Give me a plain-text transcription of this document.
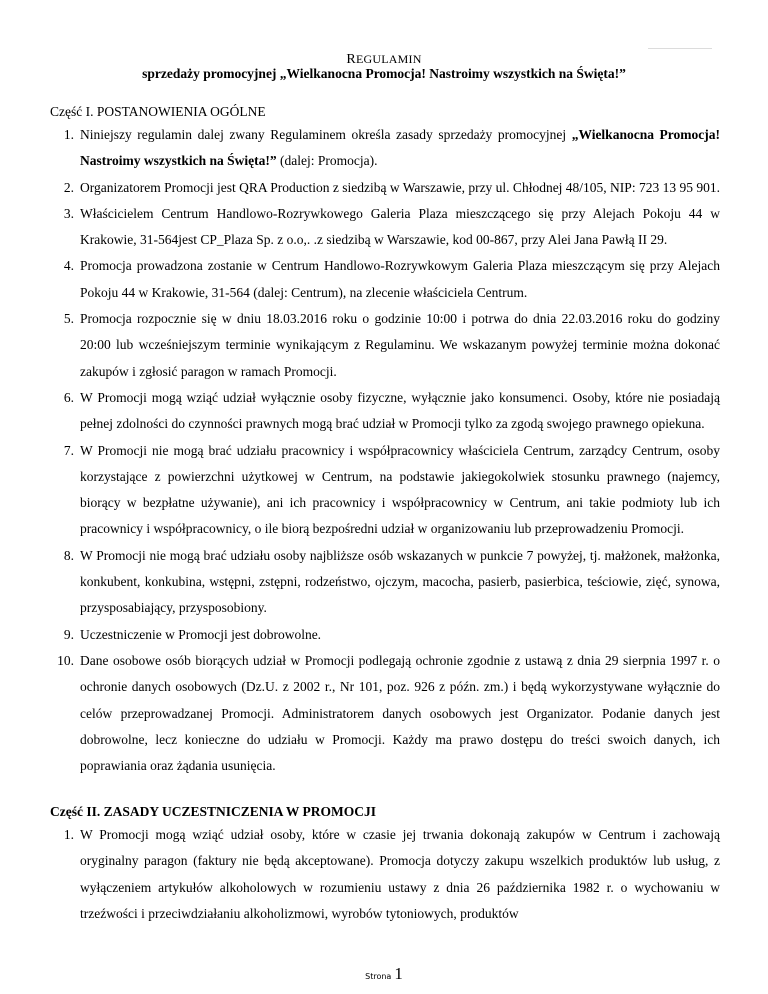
REGULAMIN
sprzedaży promocyjnej „Wielkanocna Promocja! Nastroimy wszystkich na Święta!”
Część I. POSTANOWIENIA OGÓLNE
1. Niniejszy regulamin dalej zwany Regulaminem określa zasady sprzedaży promocyjnej „Wielkanocna Promocja! Nastroimy wszystkich na Święta!” (dalej: Promocja).
2. Organizatorem Promocji jest QRA Production z siedzibą w Warszawie, przy ul. Chłodnej 48/105, NIP: 723 13 95 901.
3. Właścicielem Centrum Handlowo-Rozrywkowego Galeria Plaza mieszczącego się przy Alejach Pokoju 44 w Krakowie, 31-564jest CP_Plaza Sp. z o.o,. .z siedzibą w Warszawie, kod 00-867, przy Alei Jana Pawłą II 29.
4. Promocja prowadzona zostanie w Centrum Handlowo-Rozrywkowym Galeria Plaza mieszczącym się przy Alejach Pokoju 44 w Krakowie, 31-564 (dalej: Centrum), na zlecenie właściciela Centrum.
5. Promocja rozpocznie się w dniu 18.03.2016 roku o godzinie 10:00 i potrwa do dnia 22.03.2016 roku do godziny 20:00 lub wcześniejszym terminie wynikającym z Regulaminu. We wskazanym powyżej terminie można dokonać zakupów i zgłosić paragon w ramach Promocji.
6. W Promocji mogą wziąć udział wyłącznie osoby fizyczne, wyłącznie jako konsumenci. Osoby, które nie posiadają pełnej zdolności do czynności prawnych mogą brać udział w Promocji tylko za zgodą swojego prawnego opiekuna.
7. W Promocji nie mogą brać udziału pracownicy i współpracownicy właściciela Centrum, zarządcy Centrum, osoby korzystające z powierzchni użytkowej w Centrum, na podstawie jakiegokolwiek stosunku prawnego (najemcy, biorący w bezpłatne używanie), ani ich pracownicy i współpracownicy w Centrum, ani takie podmioty lub ich pracownicy i współpracownicy, o ile biorą bezpośredni udział w organizowaniu lub przeprowadzeniu Promocji.
8. W Promocji nie mogą brać udziału osoby najbliższe osób wskazanych w punkcie 7 powyżej, tj. małżonek, małżonka, konkubent, konkubina, wstępni, zstępni, rodzeństwo, ojczym, macocha, pasierb, pasierbica, teściowie, zięć, synowa, przysposabiający, przysposobiony.
9. Uczestniczenie w Promocji jest dobrowolne.
10. Dane osobowe osób biorących udział w Promocji podlegają ochronie zgodnie z ustawą z dnia 29 sierpnia 1997 r. o ochronie danych osobowych (Dz.U. z 2002 r., Nr 101, poz. 926 z późn. zm.) i będą wykorzystywane wyłącznie do celów przeprowadzanej Promocji. Administratorem danych osobowych jest Organizator. Podanie danych jest dobrowolne, lecz konieczne do udziału w Promocji. Każdy ma prawo dostępu do treści swoich danych, ich poprawiania oraz żądania usunięcia.
Część II. ZASADY UCZESTNICZENIA W PROMOCJI
1. W Promocji mogą wziąć udział osoby, które w czasie jej trwania dokonają zakupów w Centrum i zachowają oryginalny paragon (faktury nie będą akceptowane). Promocja dotyczy zakupu wszelkich produktów lub usług, z wyłączeniem artykułów alkoholowych w rozumieniu ustawy z dnia 26 października 1982 r. o wychowaniu w trzeźwości i przeciwdziałaniu alkoholizmowi, wyrobów tytoniowych, produktów
Strona 1
